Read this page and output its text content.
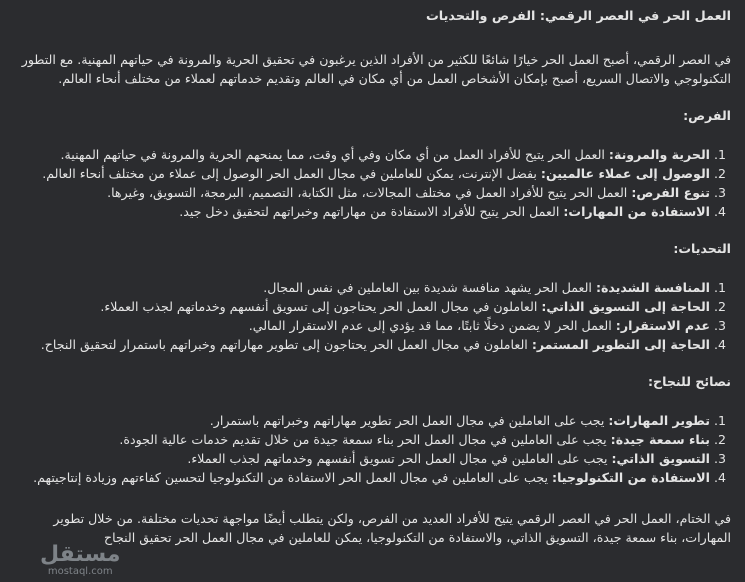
العمل الحر في العصر الرقمي: الفرص والتحديات

في العصر الرقمي، أصبح العمل الحر خيارًا شائعًا للكثير من الأفراد الذين يرغبون في تحقيق الحرية والمرونة في حياتهم المهنية. مع التطور التكنولوجي والاتصال السريع، أصبح بإمكان الأشخاص العمل من أي مكان في العالم وتقديم خدماتهم لعملاء من مختلف أنحاء العالم.

الفرص:
1. الحرية والمرونة: العمل الحر يتيح للأفراد العمل من أي مكان وفي أي وقت، مما يمنحهم الحرية والمرونة في حياتهم المهنية.
2. الوصول إلى عملاء عالميين: بفضل الإنترنت، يمكن للعاملين في مجال العمل الحر الوصول إلى عملاء من مختلف أنحاء العالم.
3. تنوع الفرص: العمل الحر يتيح للأفراد العمل في مختلف المجالات، مثل الكتابة، التصميم، البرمجة، التسويق، وغيرها.
4. الاستفادة من المهارات: العمل الحر يتيح للأفراد الاستفادة من مهاراتهم وخبراتهم لتحقيق دخل جيد.
التحديات:
1. المنافسة الشديدة: العمل الحر يشهد منافسة شديدة بين العاملين في نفس المجال.
2. الحاجة إلى التسويق الذاتي: العاملون في مجال العمل الحر يحتاجون إلى تسويق أنفسهم وخدماتهم لجذب العملاء.
3. عدم الاستقرار: العمل الحر لا يضمن دخلًا ثابتًا، مما قد يؤدي إلى عدم الاستقرار المالي.
4. الحاجة إلى التطوير المستمر: العاملون في مجال العمل الحر يحتاجون إلى تطوير مهاراتهم وخبراتهم باستمرار لتحقيق النجاح.
نصائح للنجاح:
1. تطوير المهارات: يجب على العاملين في مجال العمل الحر تطوير مهاراتهم وخبراتهم باستمرار.
2. بناء سمعة جيدة: يجب على العاملين في مجال العمل الحر بناء سمعة جيدة من خلال تقديم خدمات عالية الجودة.
3. التسويق الذاتي: يجب على العاملين في مجال العمل الحر تسويق أنفسهم وخدماتهم لجذب العملاء.
4. الاستفادة من التكنولوجيا: يجب على العاملين في مجال العمل الحر الاستفادة من التكنولوجيا لتحسين كفاءتهم وزيادة إنتاجيتهم.

في الختام، العمل الحر في العصر الرقمي يتيح للأفراد العديد من الفرص، ولكن يتطلب أيضًا مواجهة تحديات مختلفة. من خلال تطوير المهارات، بناء سمعة جيدة، التسويق الذاتي، والاستفادة من التكنولوجيا، يمكن للعاملين في مجال العمل الحر تحقيق النجاح

مستقل
mostaql.com
